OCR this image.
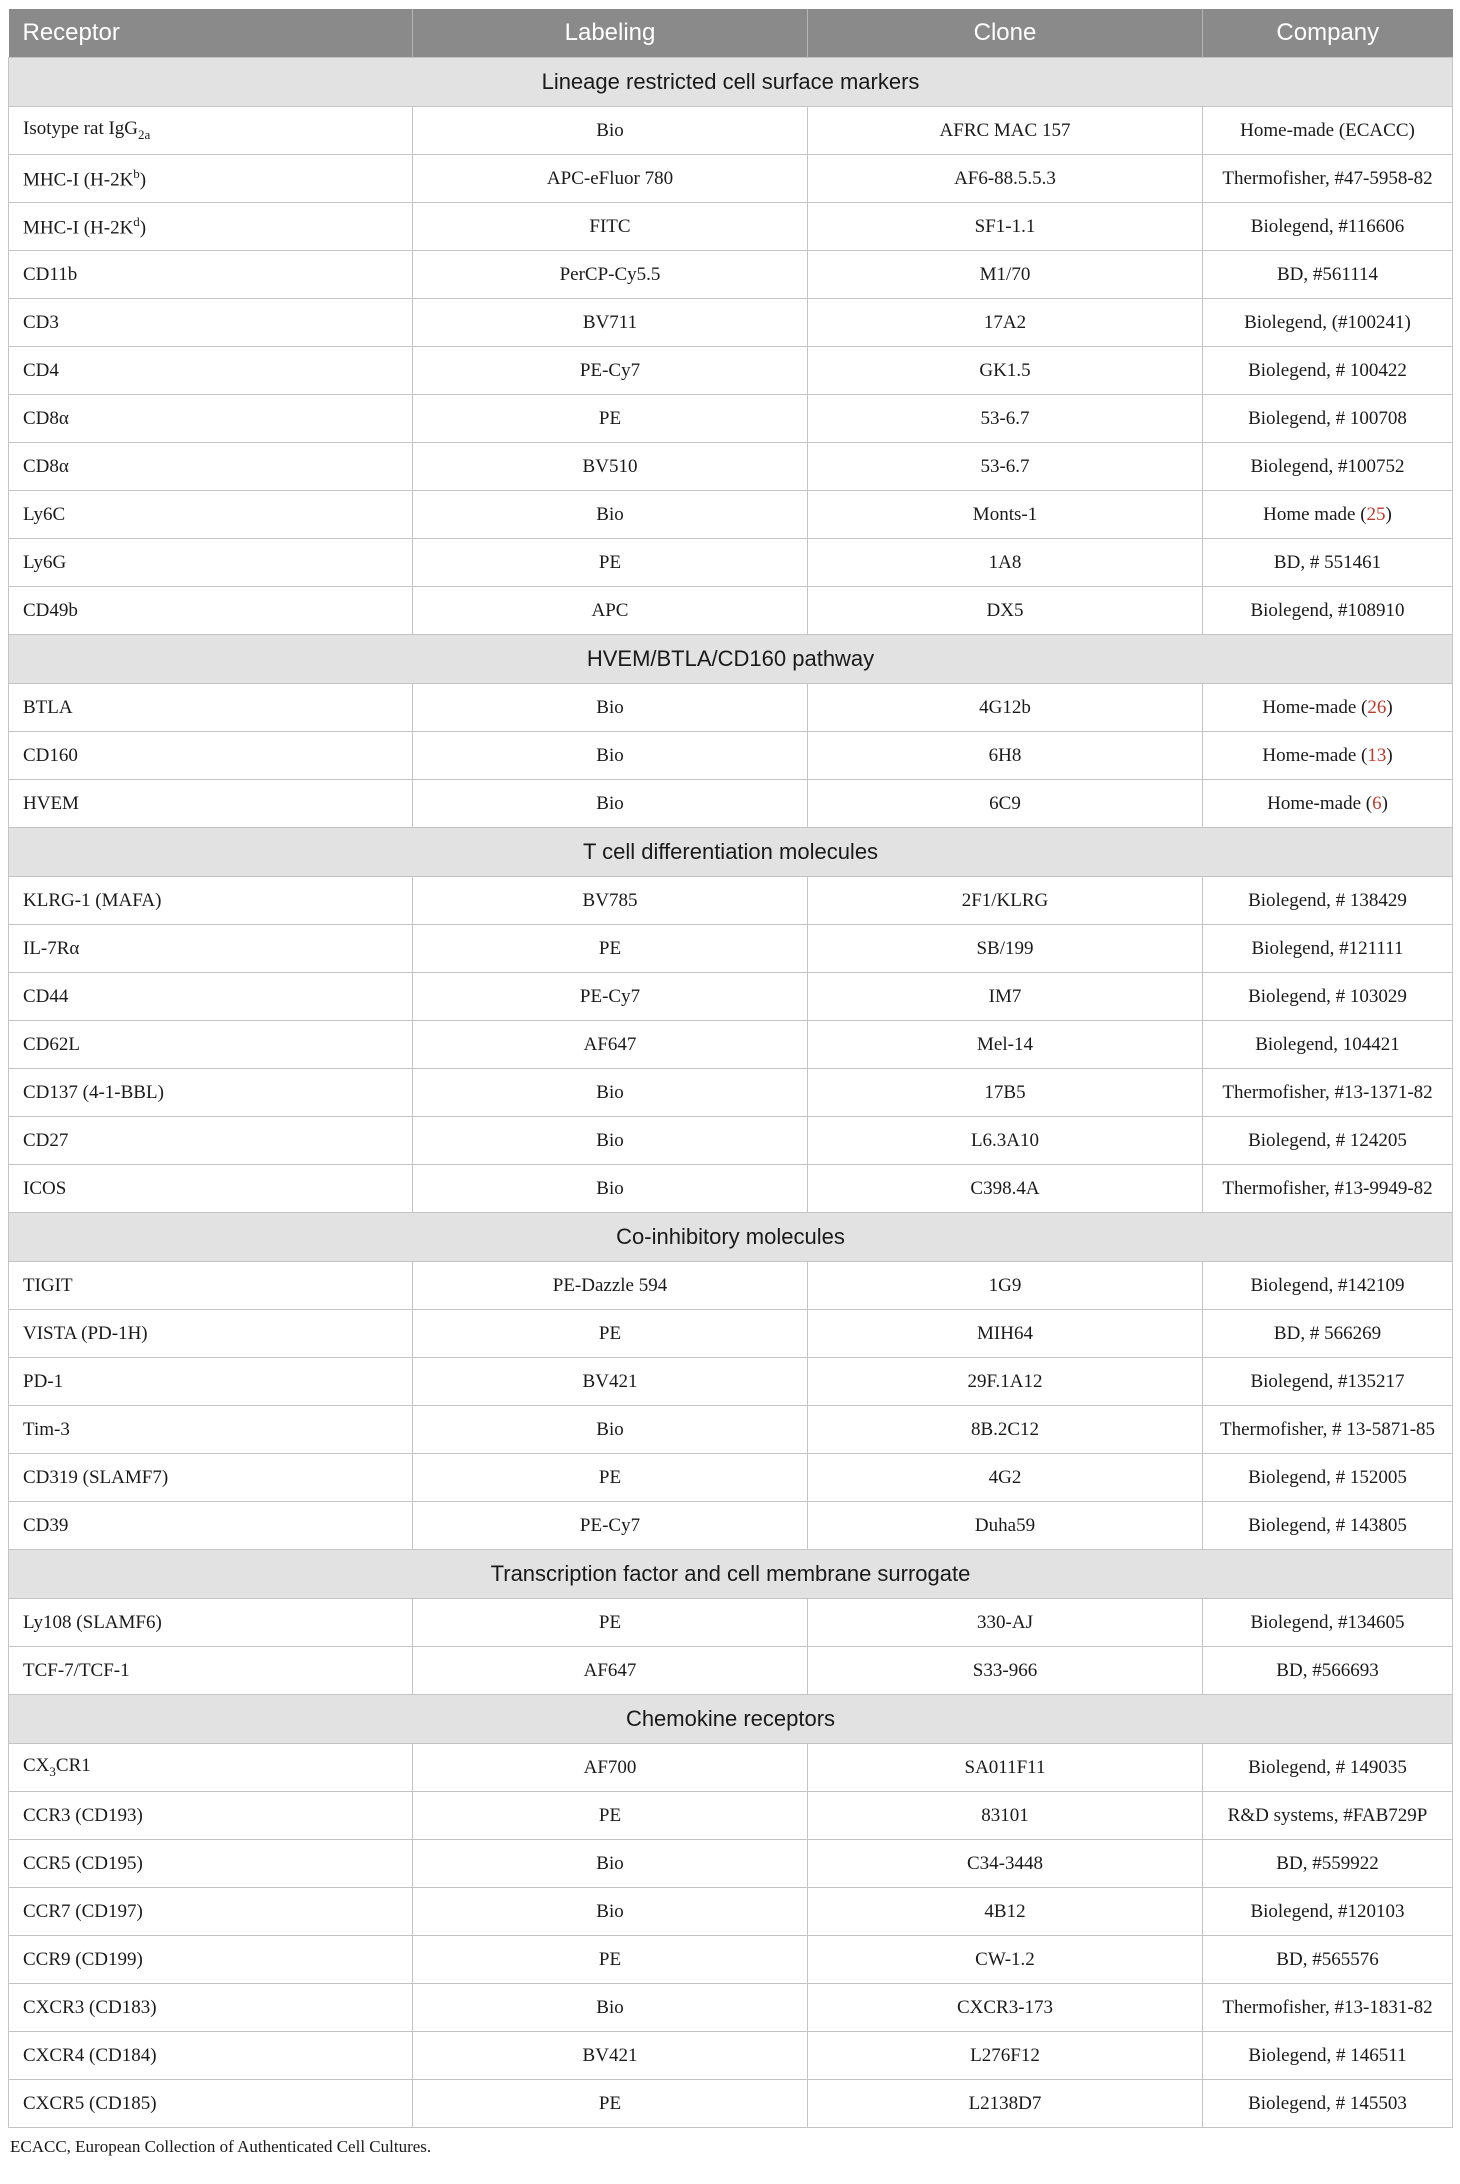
Receptor	Labeling	Clone	Company
Lineage restricted cell surface markers			
Isotype rat IgG$_{2a}$	Bio	AFRC MAC 157	Home-made (ECACC)
MHC-I $(H-2K^b)$	APC-eFluor 780	AF6-88.5.5.3	Thermofisher, #47-5958-82
MHC-I $(H-2K^d)$	FITC	SF1-1.1	Biolegend, #116606
CD11b	PerCP-Cy5.5	M1/70	BD, #561114
CD3	BV711	17A2	Biolegend, (#100241)
CD4	PE-Cy7	GK1.5	Biolegend, # 100422
CD8α	PE	53-6.7	Biolegend, # 100708
CD8α	BV510	53-6.7	Biolegend, #100752
Ly6C	Bio	Monts-1	Home made (25)
Ly6G	PE	1A8	BD, # 551461
CD49b	APC	DX5	Biolegend, #108910
HVEM/BTLA/CD160 pathway			
BTLA	Bio	4G12b	Home-made (26)
CD160	Bio	6H8	Home-made (13)
HVEM	Bio	6C9	Home-made (6)
T cell differentiation molecules			
KLRG-1 (MAFA)	BV785	2F1/KLRG	Biolegend, # 138429
IL-7Rα	PE	SB/199	Biolegend, #121111
CD44	PE-Cy7	IM7	Biolegend, # 103029
CD62L	AF647	Mel-14	Biolegend, 104421
CD137 (4-1-BBL)	Bio	17B5	Thermofisher, #13-1371-82
CD27	Bio	L6.3A10	Biolegend, # 124205
ICOS	Bio	C398.4A	Thermofisher, #13-9949-82
Co-inhibitory molecules			
TIGIT	PE-Dazzle 594	1G9	Biolegend, #142109
VISTA (PD-1H)	PE	MIH64	BD, # 566269
PD-1	BV421	29F.1A12	Biolegend, #135217
Tim-3	Bio	8B.2C12	Thermofisher, # 13-5871-85
CD319 (SLAMF7)	PE	4G2	Biolegend, # 152005
CD39	PE-Cy7	Duha59	Biolegend, # 143805
Transcription factor and cell membrane surrogate			
Ly108 (SLAMF6)	PE	330-AJ	Biolegend, #134605
TCF-7/TCF-1	AF647	S33-966	BD, #566693
Chemokine receptors			
$CX_3CR1$	AF700	SA011F11	Biolegend, # 149035
CCR3 (CD193)	PE	83101	R&D systems, #FAB729P
CCR5 (CD195)	Bio	C34-3448	BD, #559922
CCR7 (CD197)	Bio	4B12	Biolegend, #120103
CCR9 (CD199)	PE	CW-1.2	BD, #565576
CXCR3 (CD183)	Bio	CXCR3-173	Thermofisher, #13-1831-82
CXCR4 (CD184)	BV421	L276F12	Biolegend, # 146511
CXCR5 (CD185)	PE	L2138D7	Biolegend, # 145503
ECACC, European Collection of Authenticated Cell Cultures.
